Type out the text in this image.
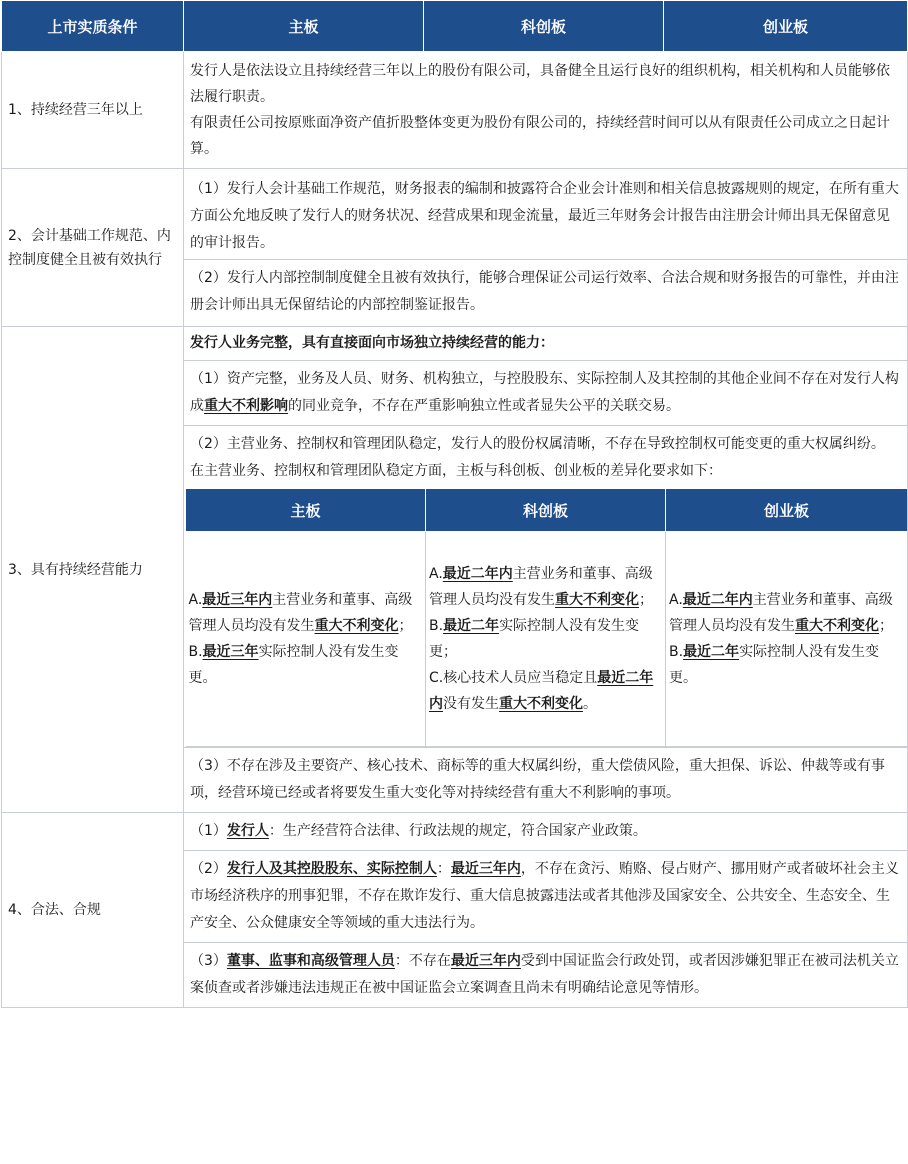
上市实质条件	主板	科创板	创业板
1、持续经营三年以上	
发行人是依法设立且持续经营三年以上的股份有限公司，具备健全且运行良好的组织机构，相关机构和人员能够依法履行职责。
有限责任公司按原账面净资产值折股整体变更为股份有限公司的，持续经营时间可以从有限责任公司成立之日起计算。

2、会计基础工作规范、内控制度健全且被有效执行	
（1）发行人会计基础工作规范，财务报表的编制和披露符合企业会计准则和相关信息披露规则的规定，在所有重大方面公允地反映了发行人的财务状况、经营成果和现金流量，最近三年财务会计报告由注册会计师出具无保留意见的审计报告。
（2）发行人内部控制制度健全且被有效执行，能够合理保证公司运行效率、合法合规和财务报告的可靠性，并由注册会计师出具无保留结论的内部控制鉴证报告。

3、具有持续经营能力	
发行人业务完整，具有直接面向市场独立持续经营的能力：
（1）资产完整，业务及人员、财务、机构独立，与控股股东、实际控制人及其控制的其他企业间不存在对发行人构成重大不利影响的同业竞争，不存在严重影响独立性或者显失公平的关联交易。
（2）主营业务、控制权和管理团队稳定，发行人的股份权属清晰，不存在导致控制权可能变更的重大权属纠纷。
在主营业务、控制权和管理团队稳定方面，主板与科创板、创业板的差异化要求如下：
主板	科创板	创业板
A.最近三年内主营业务和董事、高级管理人员均没有发生重大不利变化；
B.最近三年实际控制人没有发生变更。	A.最近二年内主营业务和董事、高级管理人员均没有发生重大不利变化；
B.最近二年实际控制人没有发生变更；
C.核心技术人员应当稳定且最近二年内没有发生重大不利变化。	A.最近二年内主营业务和董事、高级管理人员均没有发生重大不利变化；
B.最近二年实际控制人没有发生变更。
（3）不存在涉及主要资产、核心技术、商标等的重大权属纠纷，重大偿债风险，重大担保、诉讼、仲裁等或有事项，经营环境已经或者将要发生重大变化等对持续经营有重大不利影响的事项。

4、合法、合规	
（1）发行人：生产经营符合法律、行政法规的规定，符合国家产业政策。
（2）发行人及其控股股东、实际控制人：最近三年内，不存在贪污、贿赂、侵占财产、挪用财产或者破坏社会主义市场经济秩序的刑事犯罪，不存在欺诈发行、重大信息披露违法或者其他涉及国家安全、公共安全、生态安全、生产安全、公众健康安全等领域的重大违法行为。
（3）董事、监事和高级管理人员：不存在最近三年内受到中国证监会行政处罚，或者因涉嫌犯罪正在被司法机关立案侦查或者涉嫌违法违规正在被中国证监会立案调查且尚未有明确结论意见等情形。
